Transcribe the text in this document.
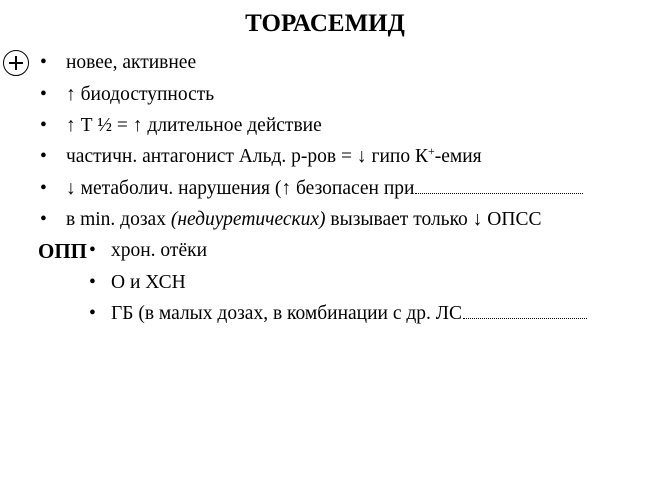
ТОРАСЕМИД
• новее, активнее
• ↑ биодоступность
• ↑ Т ½ = ↑ длительное действие
• частичн. антагонист Альд. р-ров = ↓ гипо К+-емия
• ↓ метаболич. нарушения (↑ безопасен при
• в min. дозах (недиуретических) вызывает только ↓ ОПСС
ОПП • хрон. отёки
• О и ХСН
• ГБ (в малых дозах, в комбинации с др. ЛС
